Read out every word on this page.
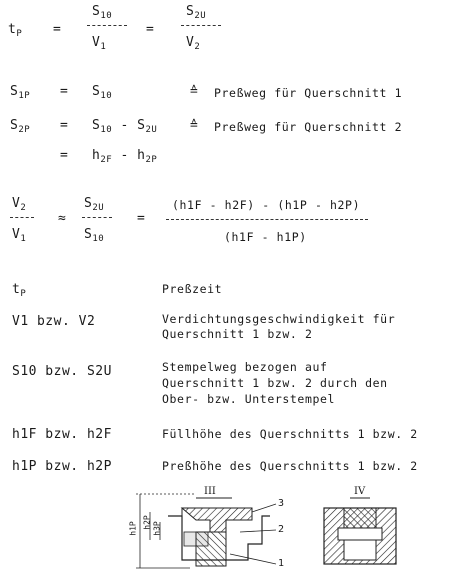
$t_P$ =
$S_{10}$
$V_1$
=
$S_{2U}$
$V_2$
$S_{1P} = S_{10}$	≙ Preßweg für Querschnitt 1
$S_{2P} = S_{10} - S_{2U}$	≙ Preßweg für Querschnitt 2
= $h_{2F} - h_{2P}$
$V_2$
$V_1$
≈
$S_{2U}$
$S_{10}$
=
(h1F - h2F) - (h1P - h2P)
(h1F - h1P)
$t_P$	Preßzeit
V1 bzw. V2	Verdichtungsgeschwindigkeit für
Querschnitt 1 bzw. 2
S10 bzw. S2U	Stempelweg bezogen auf
Querschnitt 1 bzw. 2 durch den
Ober- bzw. Unterstempel
h1F bzw. h2F	Füllhöhe des Querschnitts 1 bzw. 2
h1P bzw. h2P	Preßhöhe des Querschnitts 1 bzw. 2
III	IV
h1P h2P h3P
3
2
1
